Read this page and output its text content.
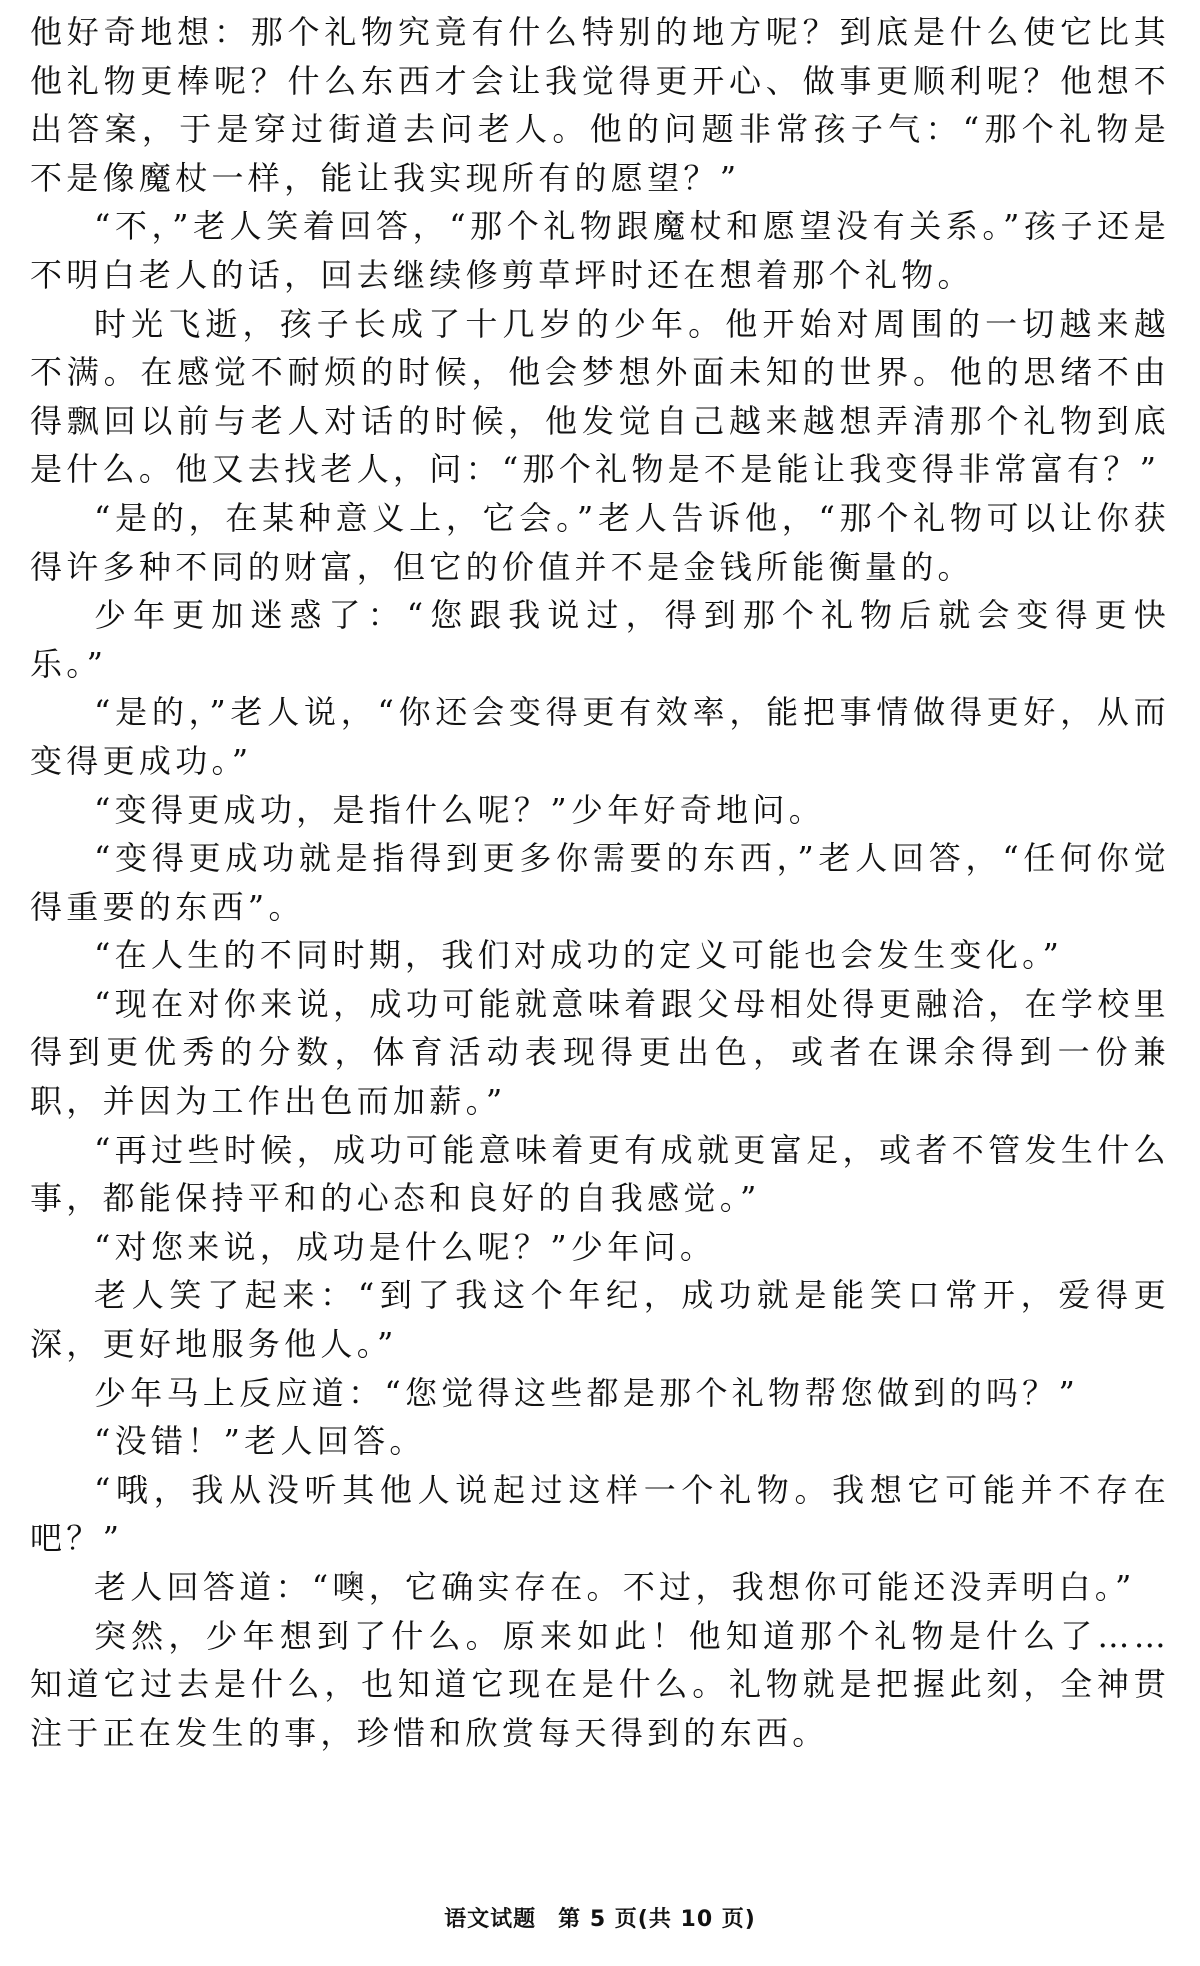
他好奇地想：那个礼物究竟有什么特别的地方呢？到底是什么使它比其他礼物更棒呢？什么东西才会让我觉得更开心、做事更顺利呢？他想不出答案，于是穿过街道去问老人。他的问题非常孩子气：“那个礼物是不是像魔杖一样，能让我实现所有的愿望？”

“不，”老人笑着回答，“那个礼物跟魔杖和愿望没有关系。”孩子还是不明白老人的话，回去继续修剪草坪时还在想着那个礼物。

时光飞逝，孩子长成了十几岁的少年。他开始对周围的一切越来越不满。在感觉不耐烦的时候，他会梦想外面未知的世界。他的思绪不由得飘回以前与老人对话的时候，他发觉自己越来越想弄清那个礼物到底是什么。他又去找老人，问：“那个礼物是不是能让我变得非常富有？”

“是的，在某种意义上，它会。”老人告诉他，“那个礼物可以让你获得许多种不同的财富，但它的价值并不是金钱所能衡量的。

少年更加迷惑了：“您跟我说过，得到那个礼物后就会变得更快乐。”

“是的，”老人说，“你还会变得更有效率，能把事情做得更好，从而变得更成功。”

“变得更成功，是指什么呢？”少年好奇地问。

“变得更成功就是指得到更多你需要的东西，”老人回答，“任何你觉得重要的东西”。

“在人生的不同时期，我们对成功的定义可能也会发生变化。”

“现在对你来说，成功可能就意味着跟父母相处得更融洽，在学校里得到更优秀的分数，体育活动表现得更出色，或者在课余得到一份兼职，并因为工作出色而加薪。”

“再过些时候，成功可能意味着更有成就更富足，或者不管发生什么事，都能保持平和的心态和良好的自我感觉。”

“对您来说，成功是什么呢？”少年问。

老人笑了起来：“到了我这个年纪，成功就是能笑口常开，爱得更深，更好地服务他人。”

少年马上反应道：“您觉得这些都是那个礼物帮您做到的吗？”

“没错！”老人回答。

“哦，我从没听其他人说起过这样一个礼物。我想它可能并不存在吧？”

老人回答道：“噢，它确实存在。不过，我想你可能还没弄明白。”

突然，少年想到了什么。原来如此！他知道那个礼物是什么了……知道它过去是什么，也知道它现在是什么。礼物就是把握此刻，全神贯注于正在发生的事，珍惜和欣赏每天得到的东西。

语文试题 第 5 页(共 10 页)
